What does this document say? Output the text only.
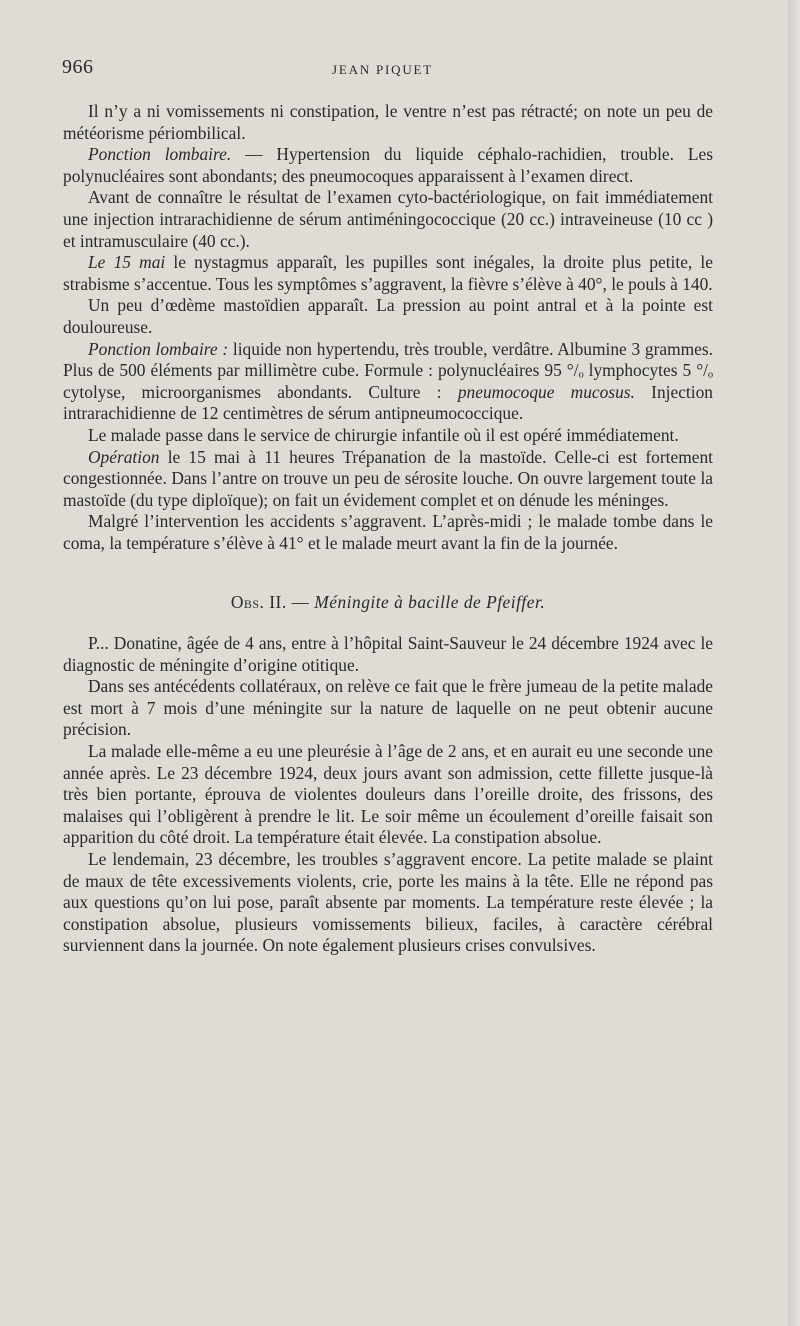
966	JEAN PIQUET

Il n’y a ni vomissements ni constipation, le ventre n’est pas rétracté; on note un peu de météorisme périombilical.

Ponction lombaire. — Hypertension du liquide céphalo-rachidien, trouble. Les polynucléaires sont abondants; des pneumocoques apparaissent à l’examen direct.

Avant de connaître le résultat de l’examen cyto-bactériologique, on fait immédiatement une injection intrarachidienne de sérum antiméningococcique (20 cc.) intraveineuse (10 cc ) et intramusculaire (40 cc.).

Le 15 mai le nystagmus apparaît, les pupilles sont inégales, la droite plus petite, le strabisme s’accentue. Tous les symptômes s’aggravent, la fièvre s’élève à 40°, le pouls à 140.

Un peu d’œdème mastoïdien apparaît. La pression au point antral et à la pointe est douloureuse.

Ponction lombaire : liquide non hypertendu, très trouble, verdâtre. Albumine 3 grammes. Plus de 500 éléments par millimètre cube. Formule : polynucléaires 95 °/ₒ lymphocytes 5 °/ₒ cytolyse, microorganismes abondants. Culture : pneumocoque mucosus. Injection intrarachidienne de 12 centimètres de sérum antipneumococcique.

Le malade passe dans le service de chirurgie infantile où il est opéré immédiatement.

Opération le 15 mai à 11 heures Trépanation de la mastoïde. Celle-ci est fortement congestionnée. Dans l’antre on trouve un peu de sérosite louche. On ouvre largement toute la mastoïde (du type diploïque); on fait un évidement complet et on dénude les méninges.

Malgré l’intervention les accidents s’aggravent. L’après-midi ; le malade tombe dans le coma, la température s’élève à 41° et le malade meurt avant la fin de la journée.

Obs. II. — Méningite à bacille de Pfeiffer.

P... Donatine, âgée de 4 ans, entre à l’hôpital Saint-Sauveur le 24 décembre 1924 avec le diagnostic de méningite d’origine otitique.

Dans ses antécédents collatéraux, on relève ce fait que le frère jumeau de la petite malade est mort à 7 mois d’une méningite sur la nature de laquelle on ne peut obtenir aucune précision.

La malade elle-même a eu une pleurésie à l’âge de 2 ans, et en aurait eu une seconde une année après. Le 23 décembre 1924, deux jours avant son admission, cette fillette jusque-là très bien portante, éprouva de violentes douleurs dans l’oreille droite, des frissons, des malaises qui l’obligèrent à prendre le lit. Le soir même un écoulement d’oreille faisait son apparition du côté droit. La température était élevée. La constipation absolue.

Le lendemain, 23 décembre, les troubles s’aggravent encore. La petite malade se plaint de maux de tête excessivements violents, crie, porte les mains à la tête. Elle ne répond pas aux questions qu’on lui pose, paraît absente par moments. La température reste élevée ; la constipation absolue, plusieurs vomissements bilieux, faciles, à caractère cérébral surviennent dans la journée. On note également plusieurs crises convulsives.
